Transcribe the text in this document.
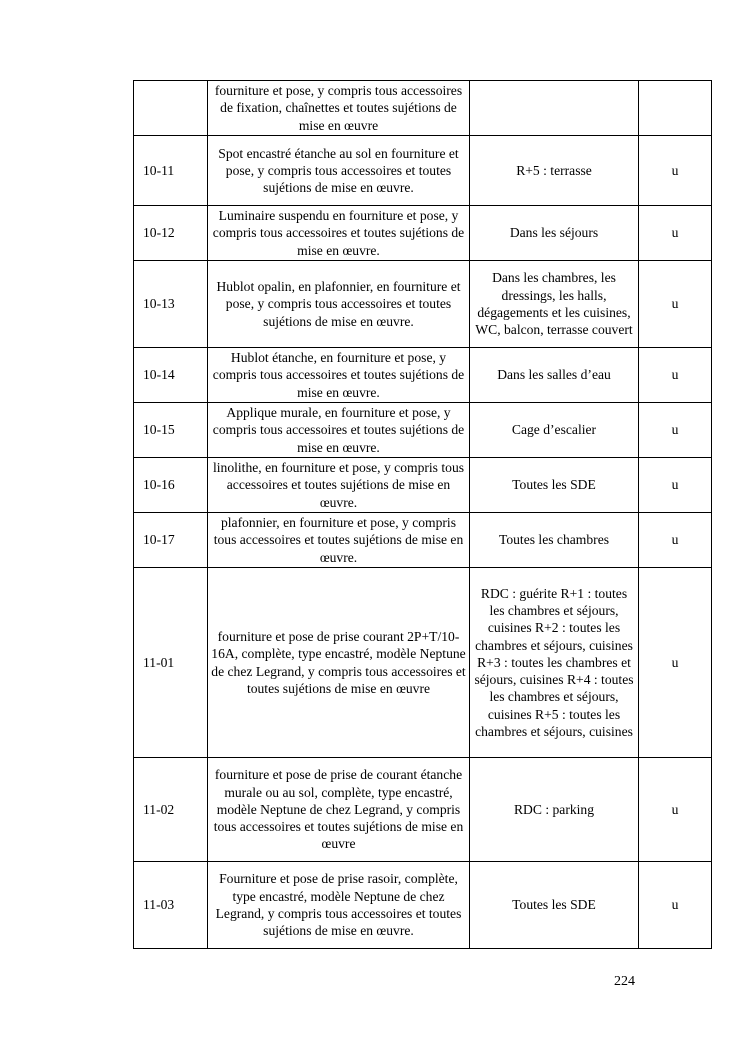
	fourniture et pose, y compris tous accessoires de fixation, chaînettes et toutes sujétions de mise en œuvre		
10-11	Spot encastré étanche au sol en fourniture et pose, y compris tous accessoires et toutes sujétions de mise en œuvre.	R+5 : terrasse	u
10-12	Luminaire suspendu en fourniture et pose, y compris tous accessoires et toutes sujétions de mise en œuvre.	Dans les séjours	u
10-13	Hublot opalin, en plafonnier, en fourniture et pose, y compris tous accessoires et toutes sujétions de mise en œuvre.	Dans les chambres, les dressings, les halls, dégagements et les cuisines, WC, balcon, terrasse couvert	u
10-14	Hublot étanche, en fourniture et pose, y compris tous accessoires et toutes sujétions de mise en œuvre.	Dans les salles d’eau	u
10-15	Applique murale, en fourniture et pose, y compris tous accessoires et toutes sujétions de mise en œuvre.	Cage d’escalier	u
10-16	linolithe, en fourniture et pose, y compris tous accessoires et toutes sujétions de mise en œuvre.	Toutes les SDE	u
10-17	plafonnier, en fourniture et pose, y compris tous accessoires et toutes sujétions de mise en œuvre.	Toutes les chambres	u
11-01	fourniture et pose de prise courant 2P+T/10-16A, complète, type encastré, modèle Neptune de chez Legrand, y compris tous accessoires et toutes sujétions de mise en œuvre	RDC : guérite R+1 : toutes les chambres et séjours, cuisines R+2 : toutes les chambres et séjours, cuisines R+3 : toutes les chambres et séjours, cuisines R+4 : toutes les chambres et séjours, cuisines R+5 : toutes les chambres et séjours, cuisines	u
11-02	fourniture et pose de prise de courant étanche murale ou au sol, complète, type encastré, modèle Neptune de chez Legrand, y compris tous accessoires et toutes sujétions de mise en œuvre	RDC : parking	u
11-03	Fourniture et pose de prise rasoir, complète, type encastré, modèle Neptune de chez Legrand, y compris tous accessoires et toutes sujétions de mise en œuvre.	Toutes les SDE	u
224
